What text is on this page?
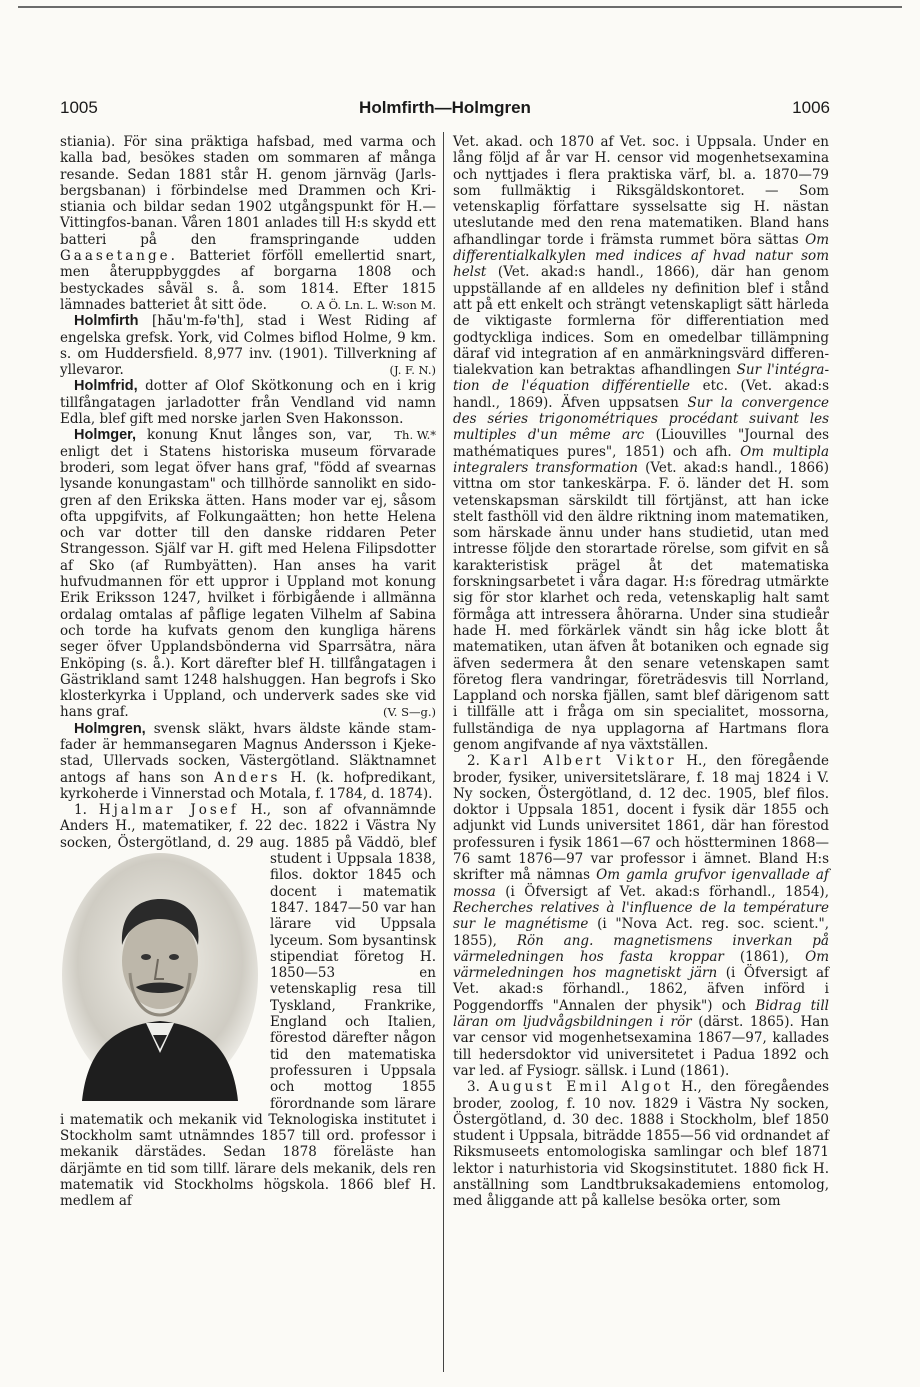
1005	Holmfirth—Holmgren	1006

stiania). För sina präktiga hafsbad, med varma och kalla bad, besökes staden om sommaren af många resande. Sedan 1881 står H. genom järnväg (Jarlsbergsbanan) i förbindelse med Drammen och Kristiania och bildar sedan 1902 utgångspunkt för H.—Vittingfos-banan. Våren 1801 anlades till H:s skydd ett batteri på den framspringande udden Gaasetange. Batteriet förföll emellertid snart, men återuppbyggdes af borgarna 1808 och bestyckades såväl s. å. som 1814. Efter 1815 lämnades batteriet åt sitt öde.	O. A Ö. Ln. L. W:son M.

Holmfirth [hă̄u'm-fə'th], stad i West Riding af engelska grefsk. York, vid Colmes biflod Holme, 9 km. s. om Huddersfield. 8,977 inv. (1901). Tillverkning af yllevaror.	(J. F. N.)

Holmfrid, dotter af Olof Skötkonung och en i krig tillfångatagen jarladotter från Vendland vid namn Edla, blef gift med norske jarlen Sven Hakonsson.
Th. W.*

Holmger, konung Knut långes son, var, enligt det i Statens historiska museum förvarade broderi, som legat öfver hans graf, "född af svearnas lysande konungastam" och tillhörde sannolikt en sidogren af den Erikska ätten. Hans moder var ej, såsom ofta uppgifvits, af Folkungaätten; hon hette Helena och var dotter till den danske riddaren Peter Strangesson. Själf var H. gift med Helena Filipsdotter af Sko (af Rumbyätten). Han anses ha varit hufvudmannen för ett uppror i Uppland mot konung Erik Eriksson 1247, hvilket i förbigående i allmänna ordalag omtalas af påflige legaten Vilhelm af Sabina och torde ha kufvats genom den kungliga härens seger öfver Upplandsbönderna vid Sparrsätra, nära Enköping (s. å.). Kort därefter blef H. tillfångatagen i Gästrikland samt 1248 halshuggen. Han begrofs i Sko klosterkyrka i Uppland, och underverk sades ske vid hans graf.	(V. S—g.)

Holmgren, svensk släkt, hvars äldste kände stamfader är hemmansegaren Magnus Andersson i Kjekestad, Ullervads socken, Västergötland. Släktnamnet antogs af hans son Anders H. (k. hofpredikant, kyrkoherde i Vinnerstad och Motala, f. 1784, d. 1874).

1. Hjalmar Josef H., son af ofvannämnde Anders H., matematiker, f. 22 dec. 1822 i Västra Ny socken, Östergötland, d. 29 aug. 1885 på Väddö,
blef student i Uppsala 1838, filos. doktor 1845 och docent i matematik 1847. 1847—50 var han lärare vid Uppsala lyceum. Som bysantinsk stipendiat företog H. 1850—53 en vetenskaplig resa till Tyskland, Frankrike, England och Italien, förestod därefter någon tid den matematiska professuren i Uppsala och mottog 1855 förordnande som lärare i matematik och mekanik vid Teknologiska institutet i Stockholm samt utnämndes 1857 till ord. professor i mekanik därstädes. Sedan 1878 föreläste han därjämte en tid som tillf. lärare dels mekanik, dels ren matematik vid Stockholms högskola. 1866 blef H. medlem af

Vet. akad. och 1870 af Vet. soc. i Uppsala. Under en lång följd af år var H. censor vid mogenhetsexamina och nyttjades i flera praktiska värf, bl. a. 1870—79 som fullmäktig i Riksgäldskontoret. — Som vetenskaplig författare sysselsatte sig H. nästan uteslutande med den rena matematiken. Bland hans afhandlingar torde i främsta rummet böra sättas Om differentialkalkylen med indices af hvad natur som helst (Vet. akad:s handl., 1866), där han genom uppställande af en alldeles ny definition blef i stånd att på ett enkelt och strängt vetenskapligt sätt härleda de viktigaste formlerna för differentiation med godtyckliga indices. Som en omedelbar tillämpning däraf vid integration af en anmärkningsvärd differentialekvation kan betraktas afhandlingen Sur l'intégration de l'équation différentielle etc. (Vet. akad:s handl., 1869). Äfven uppsatsen Sur la convergence des séries trigonométriques procédant suivant les multiples d'un même arc (Liouvilles "Journal des mathématiques pures", 1851) och afh. Om multipla integralers transformation (Vet. akad:s handl., 1866) vittna om stor tankeskärpa. F. ö. länder det H. som vetenskapsman särskildt till förtjänst, att han icke stelt fasthöll vid den äldre riktning inom matematiken, som härskade ännu under hans studietid, utan med intresse följde den storartade rörelse, som gifvit en så karakteristisk prägel åt det matematiska forskningsarbetet i våra dagar. H:s föredrag utmärkte sig för stor klarhet och reda, vetenskaplig halt samt förmåga att intressera åhörarna. Under sina studieår hade H. med förkärlek vändt sin håg icke blott åt matematiken, utan äfven åt botaniken och egnade sig äfven sedermera åt den senare vetenskapen samt företog flera vandringar, företrädesvis till Norrland, Lappland och norska fjällen, samt blef därigenom satt i tillfälle att i fråga om sin specialitet, mossorna, fullständiga de nya upplagorna af Hartmans flora genom angifvande af nya växtställen.

2. Karl Albert Viktor H., den föregående broder, fysiker, universitetslärare, f. 18 maj 1824 i V. Ny socken, Östergötland, d. 12 dec. 1905, blef filos. doktor i Uppsala 1851, docent i fysik där 1855 och adjunkt vid Lunds universitet 1861, där han förestod professuren i fysik 1861—67 och höstterminen 1868—76 samt 1876—97 var professor i ämnet. Bland H:s skrifter må nämnas Om gamla grufvor igenvallade af mossa (i Öfversigt af Vet. akad:s förhandl., 1854), Recherches relatives à l'influence de la température sur le magnétisme (i "Nova Act. reg. soc. scient.", 1855), Rön ang. magnetismens inverkan på värmeledningen hos fasta kroppar (1861), Om värmeledningen hos magnetiskt järn (i Öfversigt af Vet. akad:s förhandl., 1862, äfven införd i Poggendorffs "Annalen der physik") och Bidrag till läran om ljudvågsbildningen i rör (därst. 1865). Han var censor vid mogenhetsexamina 1867—97, kallades till hedersdoktor vid universitetet i Padua 1892 och var led. af Fysiogr. sällsk. i Lund (1861).

3. August Emil Algot H., den föregåendes broder, zoolog, f. 10 nov. 1829 i Västra Ny socken, Östergötland, d. 30 dec. 1888 i Stockholm, blef 1850 student i Uppsala, biträdde 1855—56 vid ordnandet af Riksmuseets entomologiska samlingar och blef 1871 lektor i naturhistoria vid Skogsinstitutet. 1880 fick H. anställning som Landtbruksakademiens entomolog, med åliggande att på kallelse besöka orter, som
